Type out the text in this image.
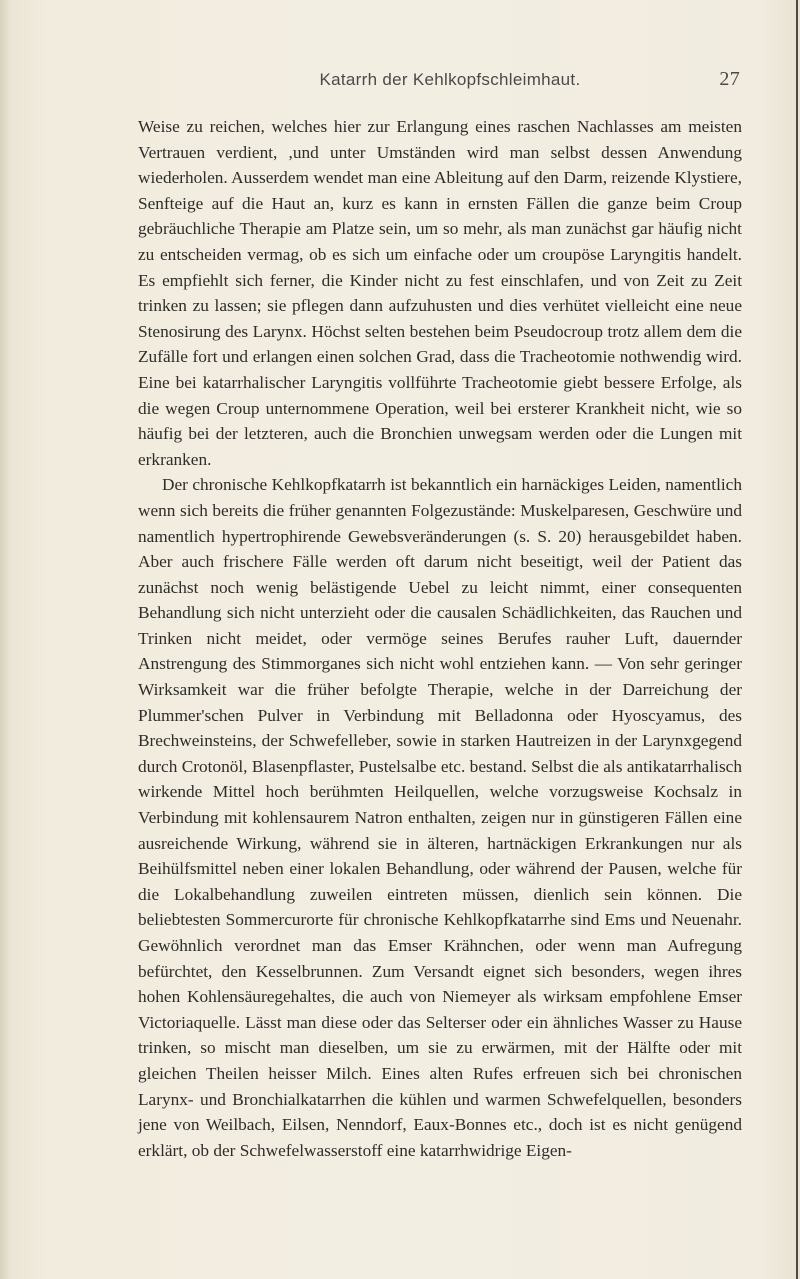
Katarrh der Kehlkopfschleimhaut.	27

Weise zu reichen, welches hier zur Erlangung eines raschen Nachlasses am meisten Vertrauen verdient, ,und unter Umständen wird man selbst dessen Anwendung wiederholen. Ausserdem wendet man eine Ableitung auf den Darm, reizende Klystiere, Senfteige auf die Haut an, kurz es kann in ernsten Fällen die ganze beim Croup gebräuchliche Therapie am Platze sein, um so mehr, als man zunächst gar häufig nicht zu entscheiden vermag, ob es sich um einfache oder um croupöse Laryngitis handelt. Es empfiehlt sich ferner, die Kinder nicht zu fest einschlafen, und von Zeit zu Zeit trinken zu lassen; sie pflegen dann aufzuhusten und dies verhütet vielleicht eine neue Stenosirung des Larynx. Höchst selten bestehen beim Pseudocroup trotz allem dem die Zufälle fort und erlangen einen solchen Grad, dass die Tracheotomie nothwendig wird. Eine bei katarrhalischer Laryngitis vollführte Tracheotomie giebt bessere Erfolge, als die wegen Croup unternommene Operation, weil bei ersterer Krankheit nicht, wie so häufig bei der letzteren, auch die Bronchien unwegsam werden oder die Lungen mit erkranken.

Der chronische Kehlkopfkatarrh ist bekanntlich ein harnäckiges Leiden, namentlich wenn sich bereits die früher genannten Folgezustände: Muskelparesen, Geschwüre und namentlich hypertrophirende Gewebsveränderungen (s. S. 20) herausgebildet haben. Aber auch frischere Fälle werden oft darum nicht beseitigt, weil der Patient das zunächst noch wenig belästigende Uebel zu leicht nimmt, einer consequenten Behandlung sich nicht unterzieht oder die causalen Schädlichkeiten, das Rauchen und Trinken nicht meidet, oder vermöge seines Berufes rauher Luft, dauernder Anstrengung des Stimmorganes sich nicht wohl entziehen kann. — Von sehr geringer Wirksamkeit war die früher befolgte Therapie, welche in der Darreichung der Plummer'schen Pulver in Verbindung mit Belladonna oder Hyoscyamus, des Brechweinsteins, der Schwefelleber, sowie in starken Hautreizen in der Larynxgegend durch Crotonöl, Blasenpflaster, Pustelsalbe etc. bestand. Selbst die als antikatarrhalisch wirkende Mittel hoch berühmten Heilquellen, welche vorzugsweise Kochsalz in Verbindung mit kohlensaurem Natron enthalten, zeigen nur in günstigeren Fällen eine ausreichende Wirkung, während sie in älteren, hartnäckigen Erkrankungen nur als Beihülfsmittel neben einer lokalen Behandlung, oder während der Pausen, welche für die Lokalbehandlung zuweilen eintreten müssen, dienlich sein können. Die beliebtesten Sommercurorte für chronische Kehlkopfkatarrhe sind Ems und Neuenahr. Gewöhnlich verordnet man das Emser Krähnchen, oder wenn man Aufregung befürchtet, den Kesselbrunnen. Zum Versandt eignet sich besonders, wegen ihres hohen Kohlensäuregehaltes, die auch von Niemeyer als wirksam empfohlene Emser Victoriaquelle. Lässt man diese oder das Selterser oder ein ähnliches Wasser zu Hause trinken, so mischt man dieselben, um sie zu erwärmen, mit der Hälfte oder mit gleichen Theilen heisser Milch. Eines alten Rufes erfreuen sich bei chronischen Larynx- und Bronchialkatarrhen die kühlen und warmen Schwefelquellen, besonders jene von Weilbach, Eilsen, Nenndorf, Eaux-Bonnes etc., doch ist es nicht genügend erklärt, ob der Schwefelwasserstoff eine katarrhwidrige Eigen-
